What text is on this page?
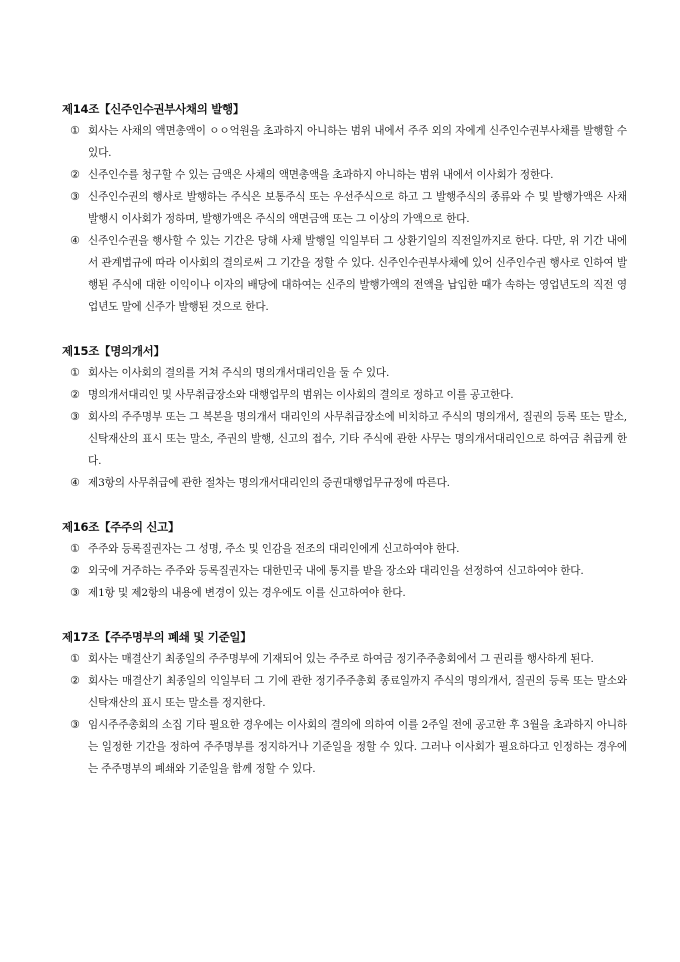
제14조【신주인수권부사채의 발행】
① 회사는 사채의 액면총액이 ㅇㅇ억원을 초과하지 아니하는 범위 내에서 주주 외의 자에게 신주인수권부사채를 발행할 수 있다.
② 신주인수를 청구할 수 있는 금액은 사채의 액면총액을 초과하지 아니하는 범위 내에서 이사회가 정한다.
③ 신주인수권의 행사로 발행하는 주식은 보통주식 또는 우선주식으로 하고 그 발행주식의 종류와 수 및 발행가액은 사채발행시 이사회가 정하며, 발행가액은 주식의 액면금액 또는 그 이상의 가액으로 한다.
④ 신주인수권을 행사할 수 있는 기간은 당해 사채 발행일 익일부터 그 상환기일의 직전일까지로 한다. 다만, 위 기간 내에서 관계법규에 따라 이사회의 결의로써 그 기간을 정할 수 있다. 신주인수권부사채에 있어 신주인수권 행사로 인하여 발행된 주식에 대한 이익이나 이자의 배당에 대하여는 신주의 발행가액의 전액을 납입한 때가 속하는 영업년도의 직전 영업년도 말에 신주가 발행된 것으로 한다.
제15조【명의개서】
① 회사는 이사회의 결의를 거쳐 주식의 명의개서대리인을 둘 수 있다.
② 명의개서대리인 및 사무취급장소와 대행업무의 범위는 이사회의 결의로 정하고 이를 공고한다.
③ 회사의 주주명부 또는 그 복본을 명의개서 대리인의 사무취급장소에 비치하고 주식의 명의개서, 질권의 등록 또는 말소, 신탁재산의 표시 또는 말소, 주권의 발행, 신고의 접수, 기타 주식에 관한 사무는 명의개서대리인으로 하여금 취급케 한다.
④ 제3항의 사무취급에 관한 절차는 명의개서대리인의 증권대행업무규정에 따른다.
제16조【주주의 신고】
① 주주와 등록질권자는 그 성명, 주소 및 인감을 전조의 대리인에게 신고하여야 한다.
② 외국에 거주하는 주주와 등록질권자는 대한민국 내에 통지를 받을 장소와 대리인을 선정하여 신고하여야 한다.
③ 제1항 및 제2항의 내용에 변경이 있는 경우에도 이를 신고하여야 한다.
제17조【주주명부의 폐쇄 및 기준일】
① 회사는 매결산기 최종일의 주주명부에 기재되어 있는 주주로 하여금 정기주주총회에서 그 권리를 행사하게 된다.
② 회사는 매결산기 최종일의 익일부터 그 기에 관한 정기주주총회 종료일까지 주식의 명의개서, 질권의 등록 또는 말소와 신탁재산의 표시 또는 말소를 정지한다.
③ 임시주주총회의 소집 기타 필요한 경우에는 이사회의 결의에 의하여 이를 2주일 전에 공고한 후 3월을 초과하지 아니하는 일정한 기간을 정하여 주주명부를 정지하거나 기준일을 정할 수 있다. 그러나 이사회가 필요하다고 인정하는 경우에는 주주명부의 폐쇄와 기준일을 함께 정할 수 있다.
